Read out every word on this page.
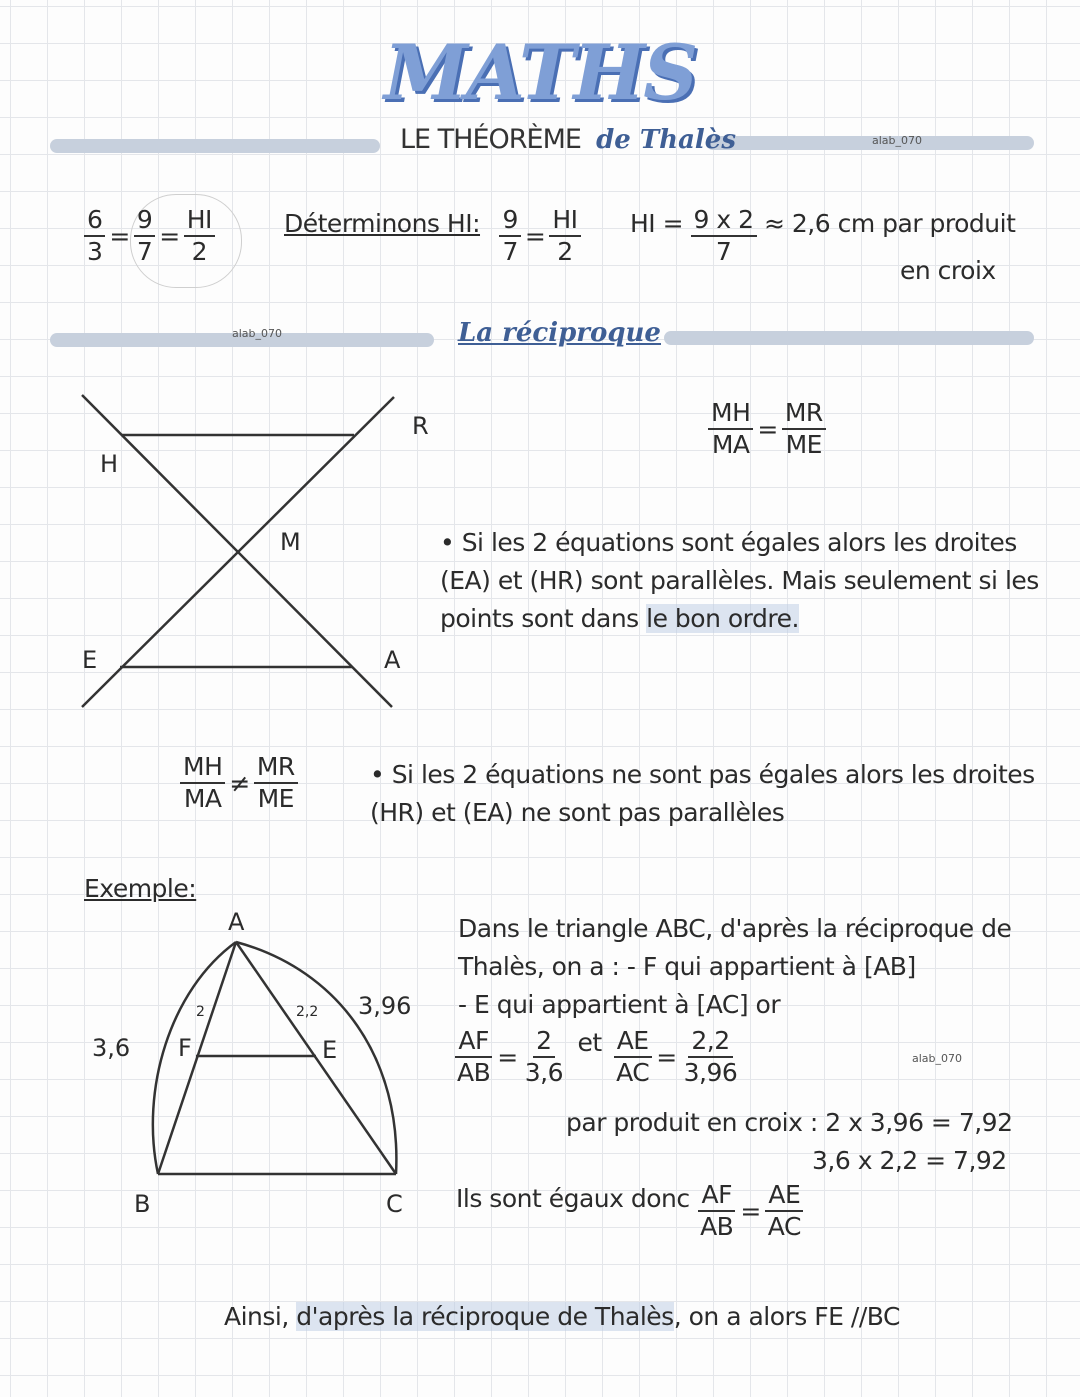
MATHS
LE THÉORÈME de Thalès	alab_070
$\frac{6}{3} = \frac{9}{7} = \frac{HI}{2}$	Déterminons HI: $\frac{9}{7} = \frac{HI}{2}$ HI = $\frac{9 x 2}{7} \approx 2,6$ cm par produit
en croix
alab_070	La réciproque
H
R
M
E	A
$\frac{MH}{MA} = \frac{MR}{ME}$
• Si les 2 équations sont égales alors les droites
(EA) et (HR) sont parallèles. Mais seulement si les
points sont dans le bon ordre.
$\frac{MH}{MA} \ne \frac{MR}{ME}$	• Si les 2 équations ne sont pas égales alors les droites
(HR) et (EA) ne sont pas parallèles
Exemple:
A
B	C
F	E
3,6
3,96
2	2,2
Dans le triangle ABC, d'après la réciproque de
Thalès, on a : - F qui appartient à [AB]
- E qui appartient à [AC] or
$\frac{AF}{AB} = \frac{2}{3,6}$ et $\frac{AE}{AC} = \frac{2,2}{3,96}$	alab_070
par produit en croix : 2 x 3,96 = 7,92
3,6 x 2,2 = 7,92
Ils sont égaux donc $\frac{AF}{AB} = \frac{AE}{AC}$
Ainsi, d'après la réciproque de Thalès, on a alors FE //BC
